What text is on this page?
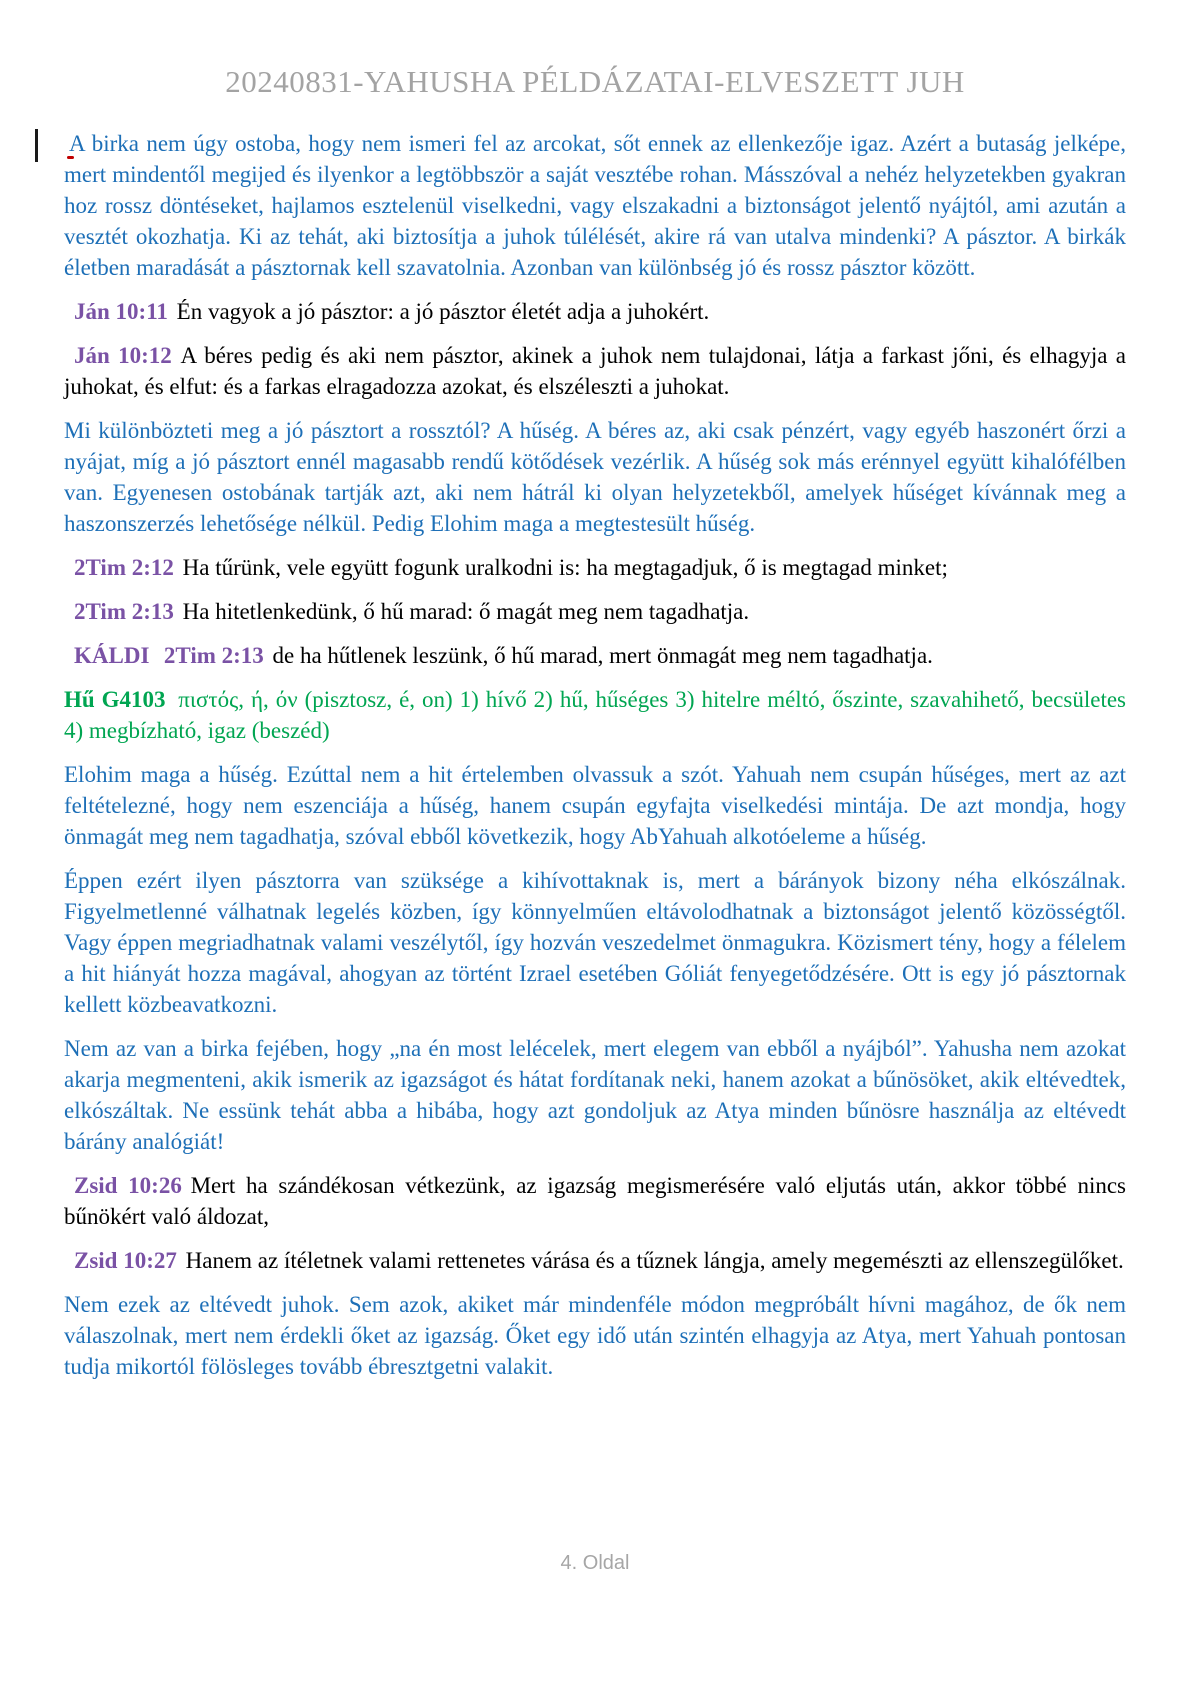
20240831-YAHUSHA PÉLDÁZATAI-ELVESZETT JUH

A birka nem úgy ostoba, hogy nem ismeri fel az arcokat, sőt ennek az ellenkezője igaz. Azért a butaság jelképe, mert mindentől megijed és ilyenkor a legtöbbször a saját vesztébe rohan. Másszóval a nehéz helyzetekben gyakran hoz rossz döntéseket, hajlamos esztelenül viselkedni, vagy elszakadni a biztonságot jelentő nyájtól, ami azután a vesztét okozhatja. Ki az tehát, aki biztosítja a juhok túlélését, akire rá van utalva mindenki? A pásztor. A birkák életben maradását a pásztornak kell szavatolnia. Azonban van különbség jó és rossz pásztor között.

Ján 10:11 Én vagyok a jó pásztor: a jó pásztor életét adja a juhokért.

Ján 10:12 A béres pedig és aki nem pásztor, akinek a juhok nem tulajdonai, látja a farkast jőni, és elhagyja a juhokat, és elfut: és a farkas elragadozza azokat, és elszéleszti a juhokat.

Mi különbözteti meg a jó pásztort a rossztól? A hűség. A béres az, aki csak pénzért, vagy egyéb haszonért őrzi a nyájat, míg a jó pásztort ennél magasabb rendű kötődések vezérlik. A hűség sok más erénnyel együtt kihalófélben van. Egyenesen ostobának tartják azt, aki nem hátrál ki olyan helyzetekből, amelyek hűséget kívánnak meg a haszonszerzés lehetősége nélkül. Pedig Elohim maga a megtestesült hűség.

2Tim 2:12 Ha tűrünk, vele együtt fogunk uralkodni is: ha megtagadjuk, ő is megtagad minket;

2Tim 2:13 Ha hitetlenkedünk, ő hű marad: ő magát meg nem tagadhatja.

KÁLDI 2Tim 2:13 de ha hűtlenek leszünk, ő hű marad, mert önmagát meg nem tagadhatja.

Hű G4103 πιστός, ή, όν (pisztosz, é, on) 1) hívő 2) hű, hűséges 3) hitelre méltó, őszinte, szavahihető, becsületes 4) megbízható, igaz (beszéd)

Elohim maga a hűség. Ezúttal nem a hit értelemben olvassuk a szót. Yahuah nem csupán hűséges, mert az azt feltételezné, hogy nem eszenciája a hűség, hanem csupán egyfajta viselkedési mintája. De azt mondja, hogy önmagát meg nem tagadhatja, szóval ebből következik, hogy AbYahuah alkotóeleme a hűség.

Éppen ezért ilyen pásztorra van szüksége a kihívottaknak is, mert a bárányok bizony néha elkószálnak. Figyelmetlenné válhatnak legelés közben, így könnyelműen eltávolodhatnak a biztonságot jelentő közösségtől. Vagy éppen megriadhatnak valami veszélytől, így hozván veszedelmet önmagukra. Közismert tény, hogy a félelem a hit hiányát hozza magával, ahogyan az történt Izrael esetében Góliát fenyegetődzésére. Ott is egy jó pásztornak kellett közbeavatkozni.

Nem az van a birka fejében, hogy „na én most lelécelek, mert elegem van ebből a nyájból”. Yahusha nem azokat akarja megmenteni, akik ismerik az igazságot és hátat fordítanak neki, hanem azokat a bűnösöket, akik eltévedtek, elkószáltak. Ne essünk tehát abba a hibába, hogy azt gondoljuk az Atya minden bűnösre használja az eltévedt bárány analógiát!

Zsid 10:26 Mert ha szándékosan vétkezünk, az igazság megismerésére való eljutás után, akkor többé nincs bűnökért való áldozat,

Zsid 10:27 Hanem az ítéletnek valami rettenetes várása és a tűznek lángja, amely megemészti az ellenszegülőket.

Nem ezek az eltévedt juhok. Sem azok, akiket már mindenféle módon megpróbált hívni magához, de ők nem válaszolnak, mert nem érdekli őket az igazság. Őket egy idő után szintén elhagyja az Atya, mert Yahuah pontosan tudja mikortól fölösleges tovább ébresztgetni valakit.

4. Oldal
